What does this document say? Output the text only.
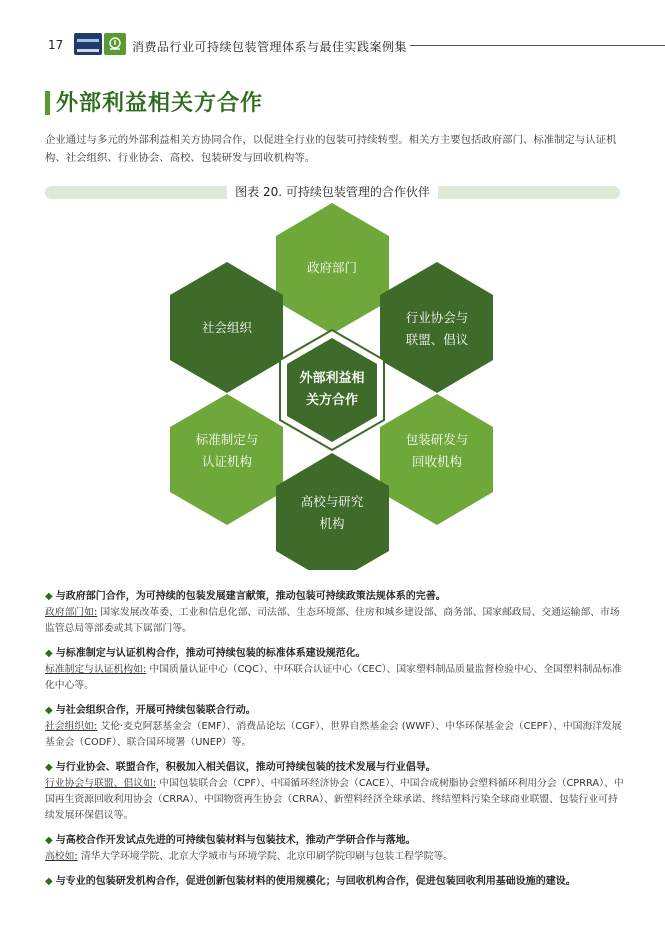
17	消费品行业可持续包装管理体系与最佳实践案例集
外部利益相关方合作
企业通过与多元的外部利益相关方协同合作，以促进全行业的包装可持续转型。相关方主要包括政府部门、标准制定与认证机构、社会组织、行业协会、高校、包装研发与回收机构等。
图表 20. 可持续包装管理的合作伙伴
政府部门
社会组织
行业协会与
联盟、倡议
外部利益相
关方合作
标准制定与
认证机构
包装研发与
回收机构
高校与研究
机构
◆ 与政府部门合作，为可持续的包装发展建言献策，推动包装可持续政策法规体系的完善。
政府部门如: 国家发展改革委、工业和信息化部、司法部、生态环境部、住房和城乡建设部、商务部、国家邮政局、交通运输部、市场监管总局等部委或其下属部门等。
◆ 与标准制定与认证机构合作，推动可持续包装的标准体系建设规范化。
标准制定与认证机构如: 中国质量认证中心（CQC）、中环联合认证中心（CEC）、国家塑料制品质量监督检验中心、全国塑料制品标准化中心等。
◆ 与社会组织合作，开展可持续包装联合行动。
社会组织如: 艾伦·麦克阿瑟基金会（EMF）、消费品论坛（CGF）、世界自然基金会 (WWF）、中华环保基金会（CEPF）、中国海洋发展基金会（CODF）、联合国环境署（UNEP）等。
◆ 与行业协会、联盟合作，积极加入相关倡议，推动可持续包装的技术发展与行业倡导。
行业协会与联盟、倡议如: 中国包装联合会（CPF）、中国循环经济协会（CACE）、中国合成树脂协会塑料循环利用分会（CPRRA）、中国再生资源回收利用协会（CRRA）、中国物资再生协会（CRRA）、新塑料经济全球承诺、终结塑料污染全球商业联盟、包装行业可持续发展环保倡议等。
◆ 与高校合作开发试点先进的可持续包装材料与包装技术，推动产学研合作与落地。
高校如: 清华大学环境学院、北京大学城市与环境学院、北京印刷学院印刷与包装工程学院等。
◆ 与专业的包装研发机构合作，促进创新包装材料的使用规模化；与回收机构合作，促进包装回收利用基础设施的建设。
